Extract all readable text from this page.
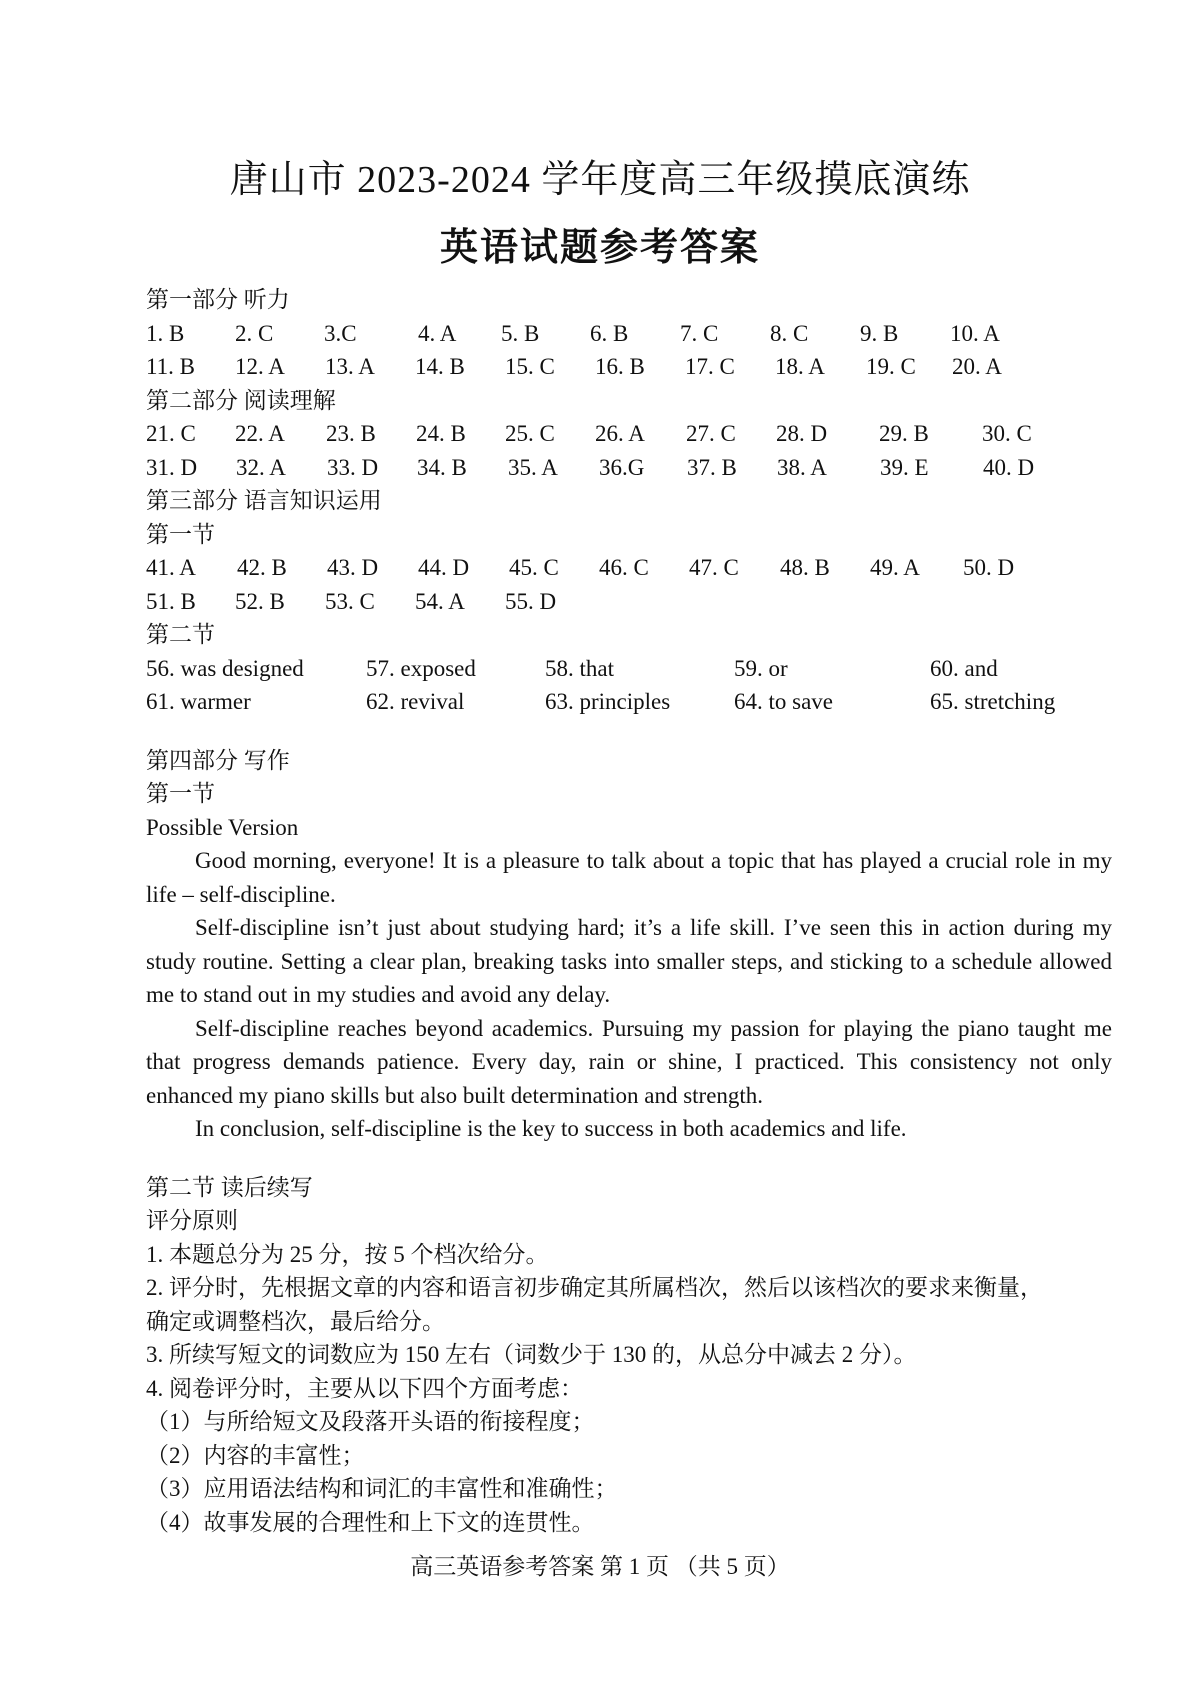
唐山市 2023-2024 学年度高三年级摸底演练
英语试题参考答案
第一部分 听力
1. B 2. C 3.C	4. A 5. B 6. B 7. C 8. C 9. B 10. A
11. B 12. A 13. A 14. B 15. C 16. B 17. C 18. A 19. C 20. A
第二部分 阅读理解
21. C 22. A 23. B 24. B 25. C 26. A 27. C 28. D 29. B 30. C
31. D 32. A 33. D 34. B 35. A 36.G 37. B 38. A 39. E 40. D
第三部分 语言知识运用
第一节
41. A 42. B 43. D 44. D 45. C 46. C 47. C 48. B 49. A 50. D
51. B 52. B 53. C 54. A 55. D
第二节
56. was designed	57. exposed	58. that	59. or	60. and
61. warmer	62. revival	63. principles	64. to save	65. stretching
第四部分 写作
第一节
Possible Version

Good morning, everyone! It is a pleasure to talk about a topic that has played a crucial role in my life – self-discipline.

Self-discipline isn’t just about studying hard; it’s a life skill. I’ve seen this in action during my study routine. Setting a clear plan, breaking tasks into smaller steps, and sticking to a schedule allowed me to stand out in my studies and avoid any delay.

Self-discipline reaches beyond academics. Pursuing my passion for playing the piano taught me that progress demands patience. Every day, rain or shine, I practiced. This consistency not only enhanced my piano skills but also built determination and strength.

In conclusion, self-discipline is the key to success in both academics and life.

第二节 读后续写
评分原则
1. 本题总分为 25 分，按 5 个档次给分。
2. 评分时，先根据文章的内容和语言初步确定其所属档次，然后以该档次的要求来衡量，
确定或调整档次，最后给分。
3. 所续写短文的词数应为 150 左右（词数少于 130 的，从总分中减去 2 分）。
4. 阅卷评分时，主要从以下四个方面考虑：
（1）与所给短文及段落开头语的衔接程度；
（2）内容的丰富性；
（3）应用语法结构和词汇的丰富性和准确性；
（4）故事发展的合理性和上下文的连贯性。
高三英语参考答案 第 1 页 （共 5 页）
